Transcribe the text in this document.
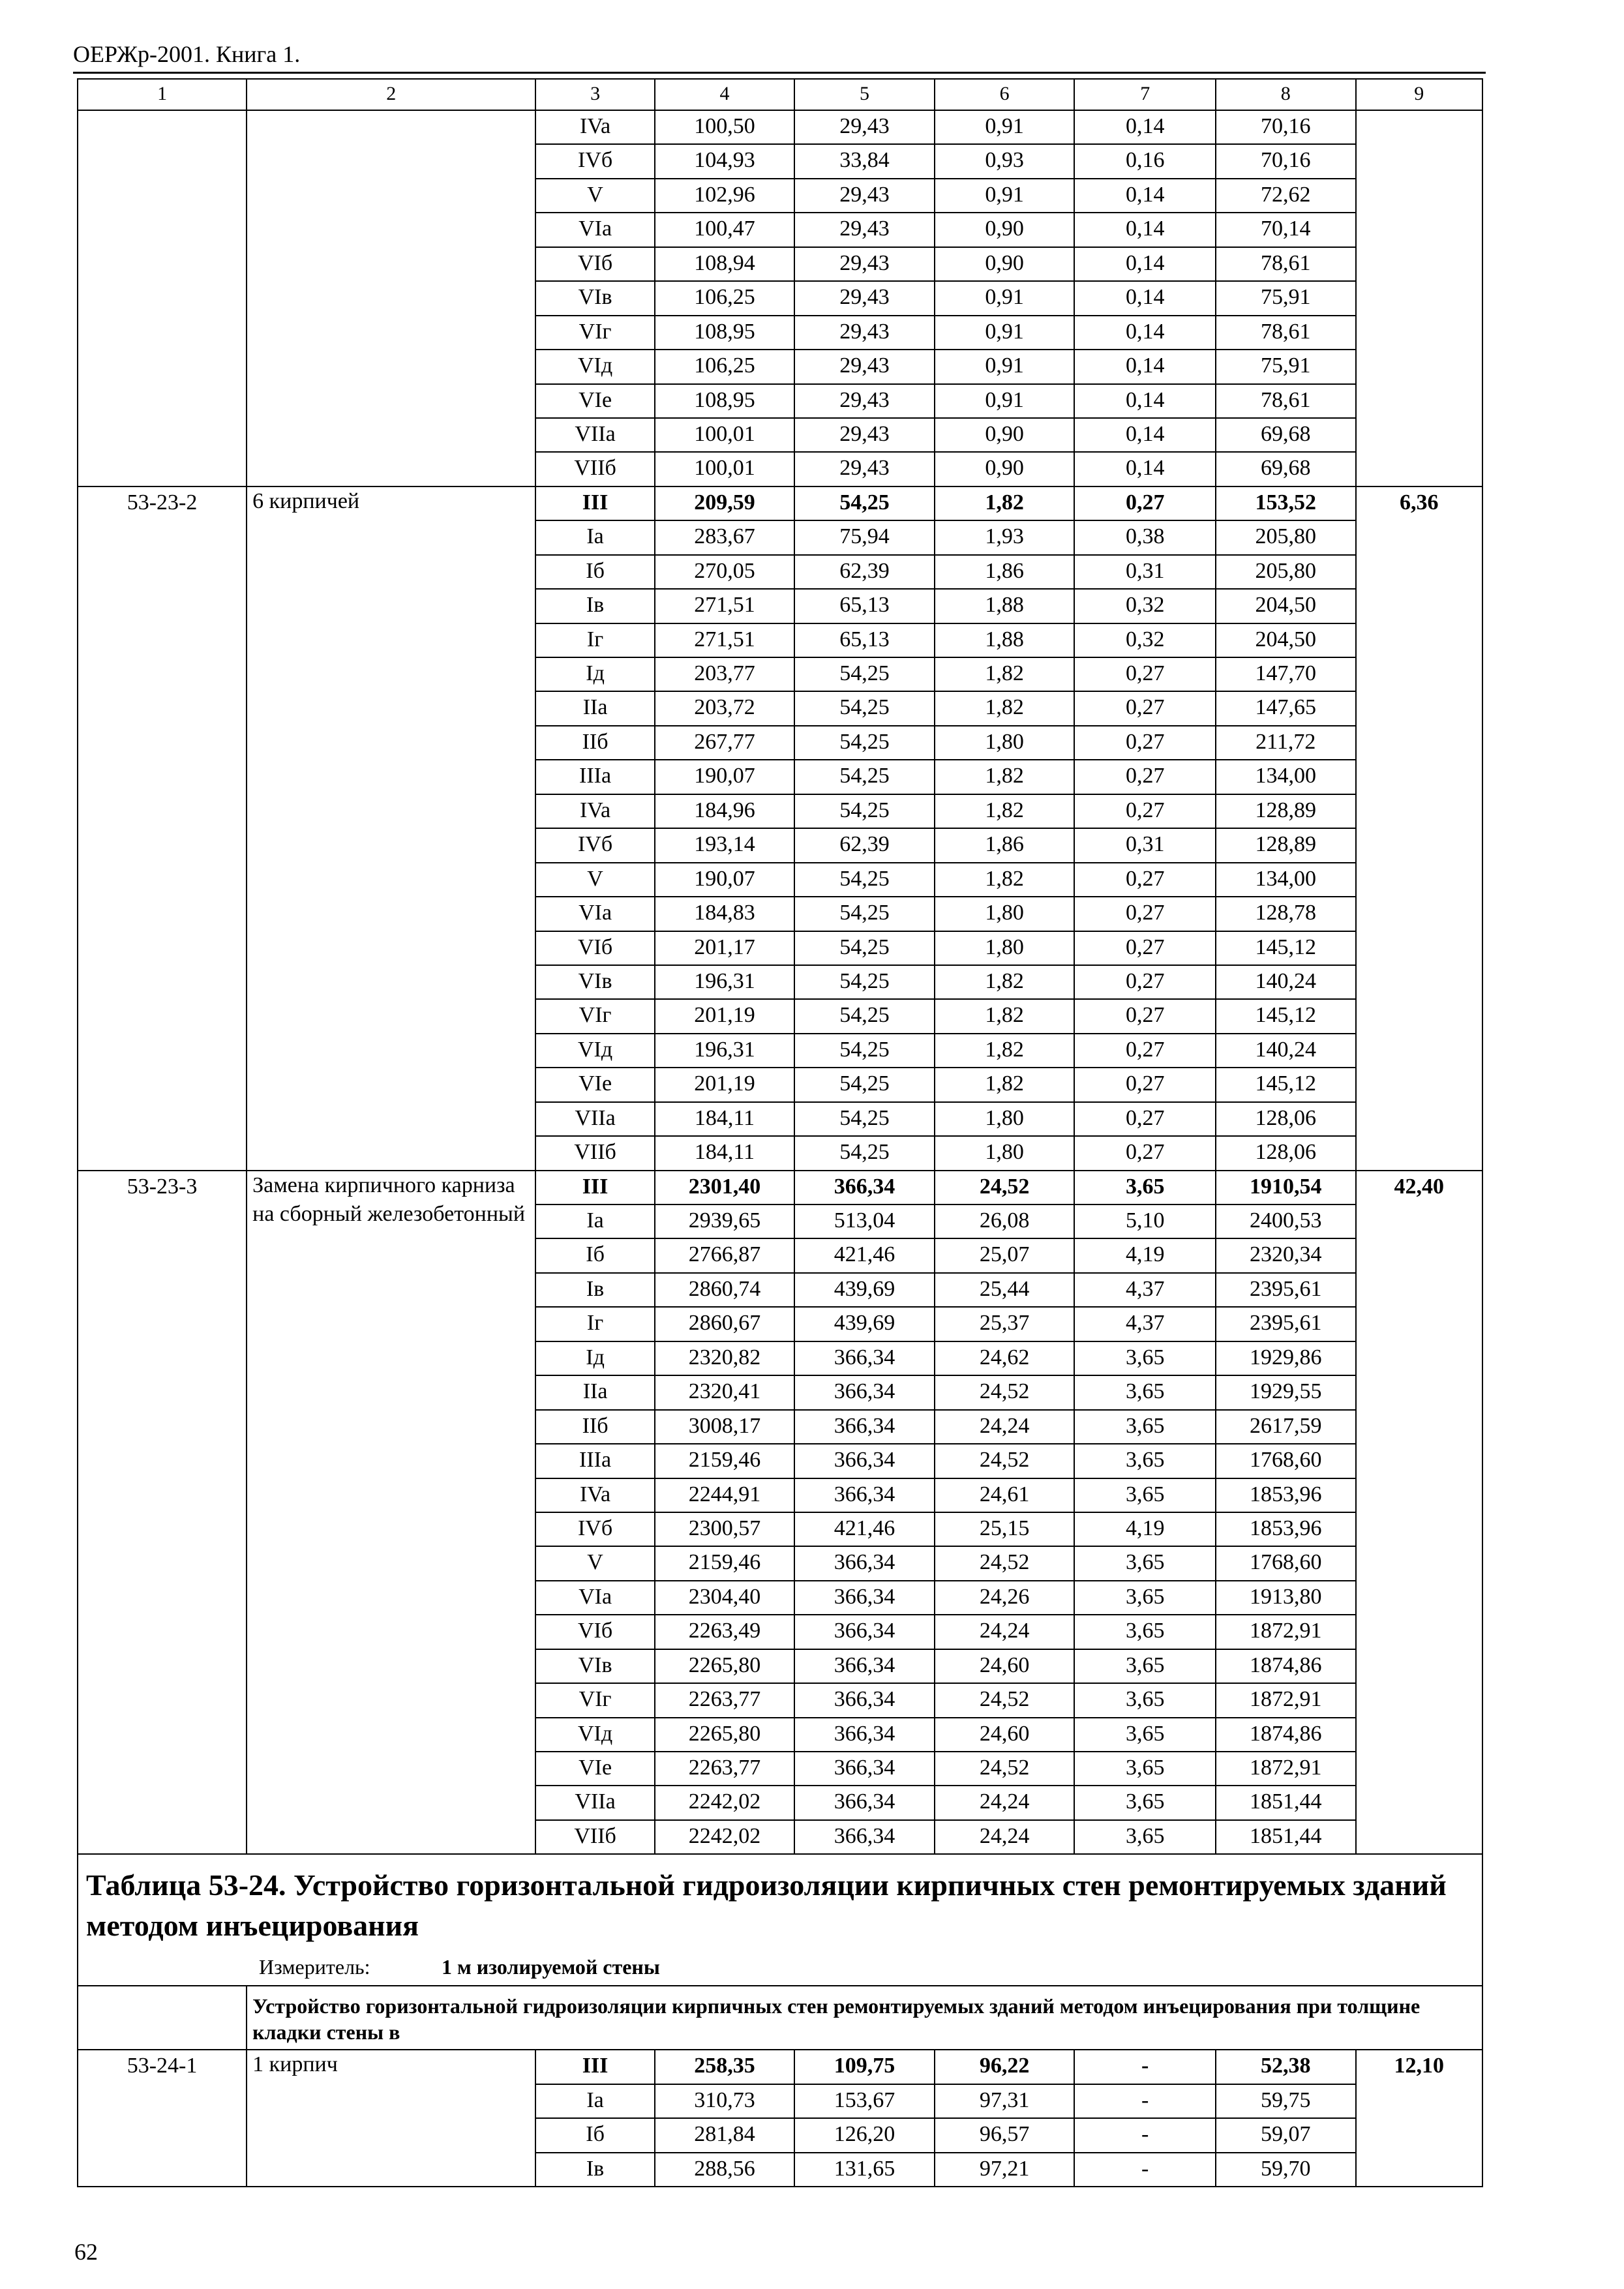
ОЕРЖр-2001. Книга 1.
1	2	3	4	5	6	7	8	9
		IVa	100,50	29,43	0,91	0,14	70,16	
		IVб	104,93	33,84	0,93	0,16	70,16	
		V	102,96	29,43	0,91	0,14	72,62	
		VIa	100,47	29,43	0,90	0,14	70,14	
		VIб	108,94	29,43	0,90	0,14	78,61	
		VIв	106,25	29,43	0,91	0,14	75,91	
		VIг	108,95	29,43	0,91	0,14	78,61	
		VIд	106,25	29,43	0,91	0,14	75,91	
		VIe	108,95	29,43	0,91	0,14	78,61	
		VIIa	100,01	29,43	0,90	0,14	69,68	
		VIIб	100,01	29,43	0,90	0,14	69,68	
53-23-2	6 кирпичей	III	209,59	54,25	1,82	0,27	153,52	6,36
		Ia	283,67	75,94	1,93	0,38	205,80	
		Iб	270,05	62,39	1,86	0,31	205,80	
		Iв	271,51	65,13	1,88	0,32	204,50	
		Iг	271,51	65,13	1,88	0,32	204,50	
		Iд	203,77	54,25	1,82	0,27	147,70	
		IIa	203,72	54,25	1,82	0,27	147,65	
		IIб	267,77	54,25	1,80	0,27	211,72	
		IIIa	190,07	54,25	1,82	0,27	134,00	
		IVa	184,96	54,25	1,82	0,27	128,89	
		IVб	193,14	62,39	1,86	0,31	128,89	
		V	190,07	54,25	1,82	0,27	134,00	
		VIa	184,83	54,25	1,80	0,27	128,78	
		VIб	201,17	54,25	1,80	0,27	145,12	
		VIв	196,31	54,25	1,82	0,27	140,24	
		VIг	201,19	54,25	1,82	0,27	145,12	
		VIд	196,31	54,25	1,82	0,27	140,24	
		VIe	201,19	54,25	1,82	0,27	145,12	
		VIIa	184,11	54,25	1,80	0,27	128,06	
		VIIб	184,11	54,25	1,80	0,27	128,06	
53-23-3	Замена кирпичного карниза на сборный железобетонный	III	2301,40	366,34	24,52	3,65	1910,54	42,40
		Ia	2939,65	513,04	26,08	5,10	2400,53	
		Iб	2766,87	421,46	25,07	4,19	2320,34	
		Iв	2860,74	439,69	25,44	4,37	2395,61	
		Iг	2860,67	439,69	25,37	4,37	2395,61	
		Iд	2320,82	366,34	24,62	3,65	1929,86	
		IIa	2320,41	366,34	24,52	3,65	1929,55	
		IIб	3008,17	366,34	24,24	3,65	2617,59	
		IIIa	2159,46	366,34	24,52	3,65	1768,60	
		IVa	2244,91	366,34	24,61	3,65	1853,96	
		IVб	2300,57	421,46	25,15	4,19	1853,96	
		V	2159,46	366,34	24,52	3,65	1768,60	
		VIa	2304,40	366,34	24,26	3,65	1913,80	
		VIб	2263,49	366,34	24,24	3,65	1872,91	
		VIв	2265,80	366,34	24,60	3,65	1874,86	
		VIг	2263,77	366,34	24,52	3,65	1872,91	
		VIд	2265,80	366,34	24,60	3,65	1874,86	
		VIe	2263,77	366,34	24,52	3,65	1872,91	
		VIIa	2242,02	366,34	24,24	3,65	1851,44	
		VIIб	2242,02	366,34	24,24	3,65	1851,44	
Таблица 53-24. Устройство горизонтальной гидроизоляции кирпичных стен ремонтируемых зданий методом инъецирования
Измеритель: 1 м изолируемой стены								

	Устройство горизонтальной гидроизоляции кирпичных стен ремонтируемых зданий методом инъецирования при толщине кладки стены в							
53-24-1	1 кирпич	III	258,35	109,75	96,22	-	52,38	12,10
		Ia	310,73	153,67	97,31	-	59,75	
		Iб	281,84	126,20	96,57	-	59,07	
		Iв	288,56	131,65	97,21	-	59,70	
62
